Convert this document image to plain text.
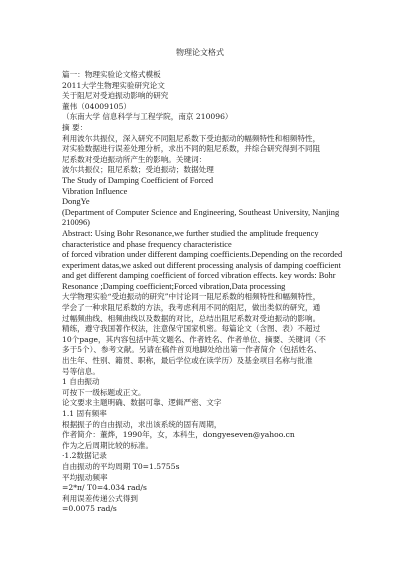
物理论文格式
篇一：物理实验论文格式模板
2011大学生物理实验研究论文
关于阻尼对受迫振动影响的研究
董伟（04009105）
（东南大学 信息科学与工程学院，南京 210096）
摘 要：
利用波尔共振仪，深入研究不同阻尼系数下受迫振动的幅频特性和相频特性，
对实验数据进行误差处理分析，求出不同的阻尼系数，并综合研究得到不同阻
尼系数对受迫振动所产生的影响。关键词：
波尔共振仪；阻尼系数；受迫振动；数据处理
The Study of Damping Coefficient of Forced
Vibration Influence
DongYe
(Department of Computer Science and Engineering, Southeast University, Nanjing
210096)
Abstract: Using Bohr Resonance,we further studied the amplitude frequency
characteristice and phase frequency characteristice
of forced vibration under different damping coefficients.Depending on the recorded
experiment datas,we asked out different processing analysis of damping coefficient
and get different damping coefficient of forced vibration effects. key words: Bohr
Resonance ;Damping coefficient;Forced vibration,Data processing
大学物理实验“受迫振动的研究”中讨论同一阻尼系数的相频特性和幅频特性，
学会了一种求阻尼系数的方法，我考虑利用不同的阻尼，做出类似的研究，通
过幅频曲线、相频曲线以及数据的对比，总结出阻尼系数对受迫振动的影响。
精练，遵守我国著作权法，注意保守国家机密。每篇论文（含图、表）不超过
10个page，其内容包括中英文题名、作者姓名、作者单位、摘要、关键词（不
多于5个）、参考文献。另请在稿件首页地脚处给出第一作者简介（包括姓名、
出生年、性别、籍贯、职称，最后学位或在读学历）及基金项目名称与批准
号等信息。
1 自由振动
可按下一级标题或正文。
论文要求主题明确、数据可靠、逻辑严密、文字
1.1 固有频率
根据振子的自由振动，求出该系统的固有周期，
作者简介：董烨，1990年，女，本科生，dongyeseven@yahoo.cn
作为之后周期比较的标准。
·1.2数据记录
自由振动的平均周期 T0=1.5755s
平均振动频率
=2*π/ T0=4.034 rad/s
利用误差传递公式得到
=0.0075 rad/s
